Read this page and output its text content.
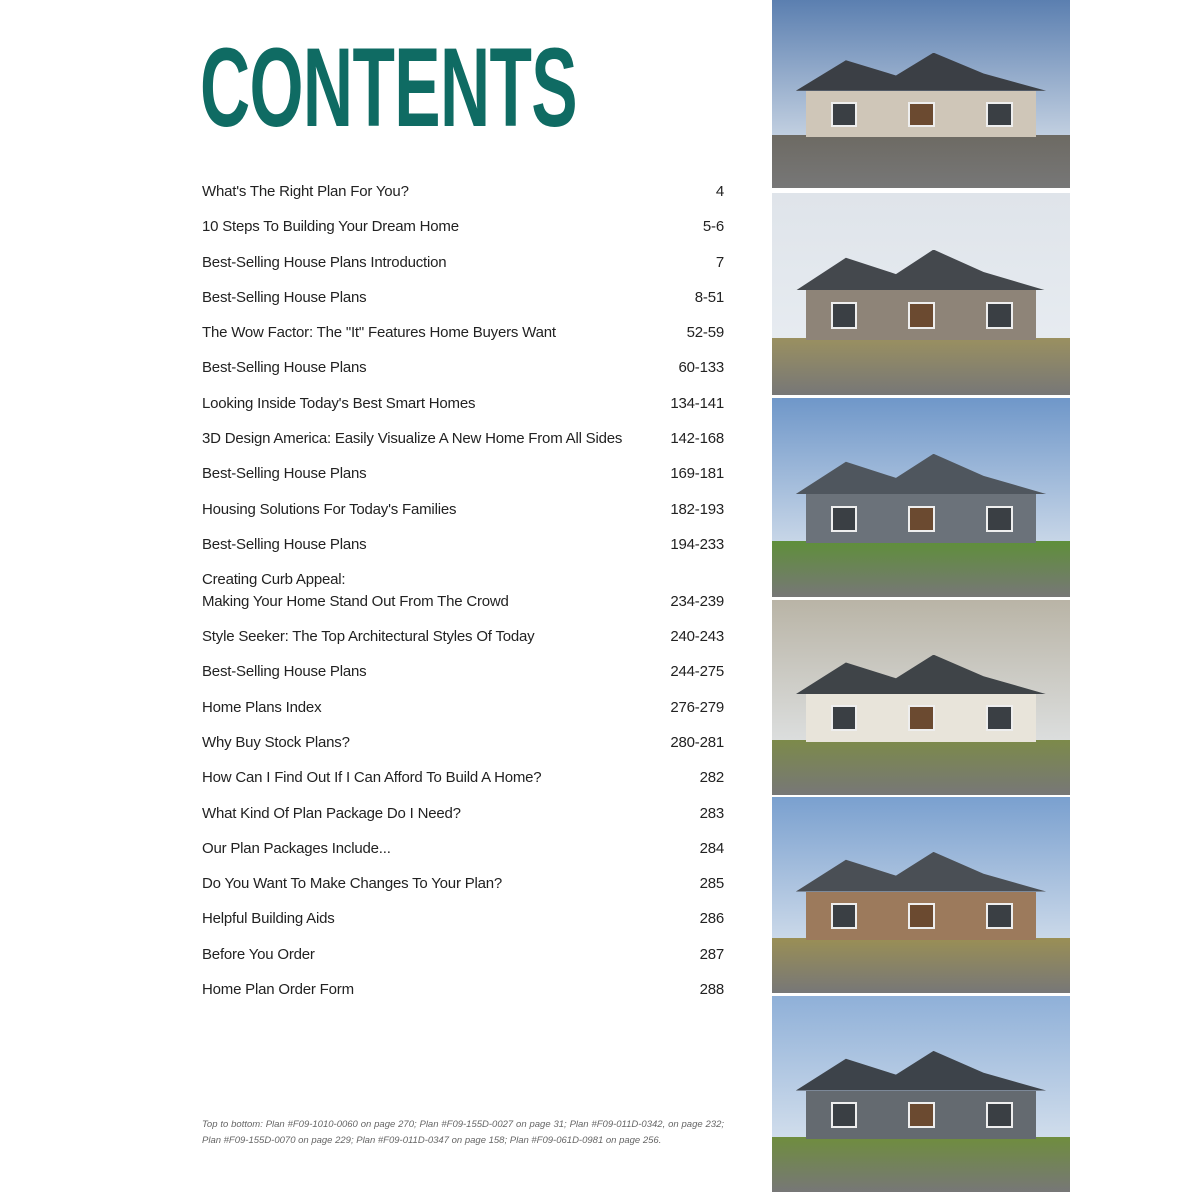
CONTENTS
What's The Right Plan For You?	4
10 Steps To Building Your Dream Home	5-6
Best-Selling House Plans Introduction	7
Best-Selling House Plans	8-51
The Wow Factor: The "It" Features Home Buyers Want	52-59
Best-Selling House Plans	60-133
Looking Inside Today's Best Smart Homes	134-141
3D Design America: Easily Visualize A New Home From All Sides	142-168
Best-Selling House Plans	169-181
Housing Solutions For Today's Families	182-193
Best-Selling House Plans	194-233
Creating Curb Appeal:
Making Your Home Stand Out From The Crowd	234-239
Style Seeker: The Top Architectural Styles Of Today	240-243
Best-Selling House Plans	244-275
Home Plans Index	276-279
Why Buy Stock Plans?	280-281
How Can I Find Out If I Can Afford To Build A Home?	282
What Kind Of Plan Package Do I Need?	283
Our Plan Packages Include...	284
Do You Want To Make Changes To Your Plan?	285
Helpful Building Aids	286
Before You Order	287
Home Plan Order Form	288
Top to bottom: Plan #F09-1010-0060 on page 270; Plan #F09-155D-0027 on page 31; Plan #F09-011D-0342, on page 232; Plan #F09-155D-0070 on page 229; Plan #F09-011D-0347 on page 158; Plan #F09-061D-0981 on page 256.
